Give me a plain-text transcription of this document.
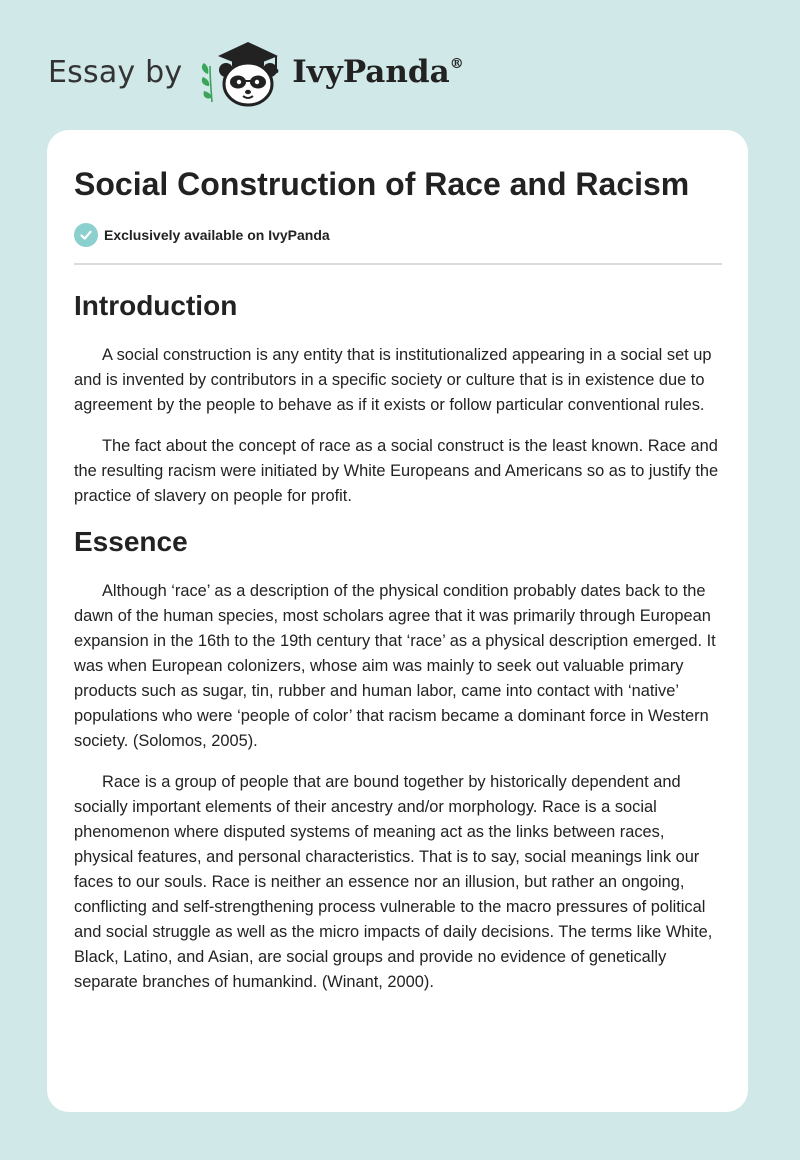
Essay by	IvyPanda®
Social Construction of Race and Racism
Exclusively available on IvyPanda
Introduction

A social construction is any entity that is institutionalized appearing in a social set up and is invented by contributors in a specific society or culture that is in existence due to agreement by the people to behave as if it exists or follow particular conventional rules.

The fact about the concept of race as a social construct is the least known. Race and the resulting racism were initiated by White Europeans and Americans so as to justify the practice of slavery on people for profit.

Essence

Although ‘race’ as a description of the physical condition probably dates back to the dawn of the human species, most scholars agree that it was primarily through European expansion in the 16th to the 19th century that ‘race’ as a physical description emerged. It was when European colonizers, whose aim was mainly to seek out valuable primary products such as sugar, tin, rubber and human labor, came into contact with ‘native’ populations who were ‘people of color’ that racism became a dominant force in Western society. (Solomos, 2005).

Race is a group of people that are bound together by historically dependent and socially important elements of their ancestry and/or morphology. Race is a social phenomenon where disputed systems of meaning act as the links between races, physical features, and personal characteristics. That is to say, social meanings link our faces to our souls. Race is neither an essence nor an illusion, but rather an ongoing, conflicting and self-strengthening process vulnerable to the macro pressures of political and social struggle as well as the micro impacts of daily decisions. The terms like White, Black, Latino, and Asian, are social groups and provide no evidence of genetically separate branches of humankind. (Winant, 2000).
